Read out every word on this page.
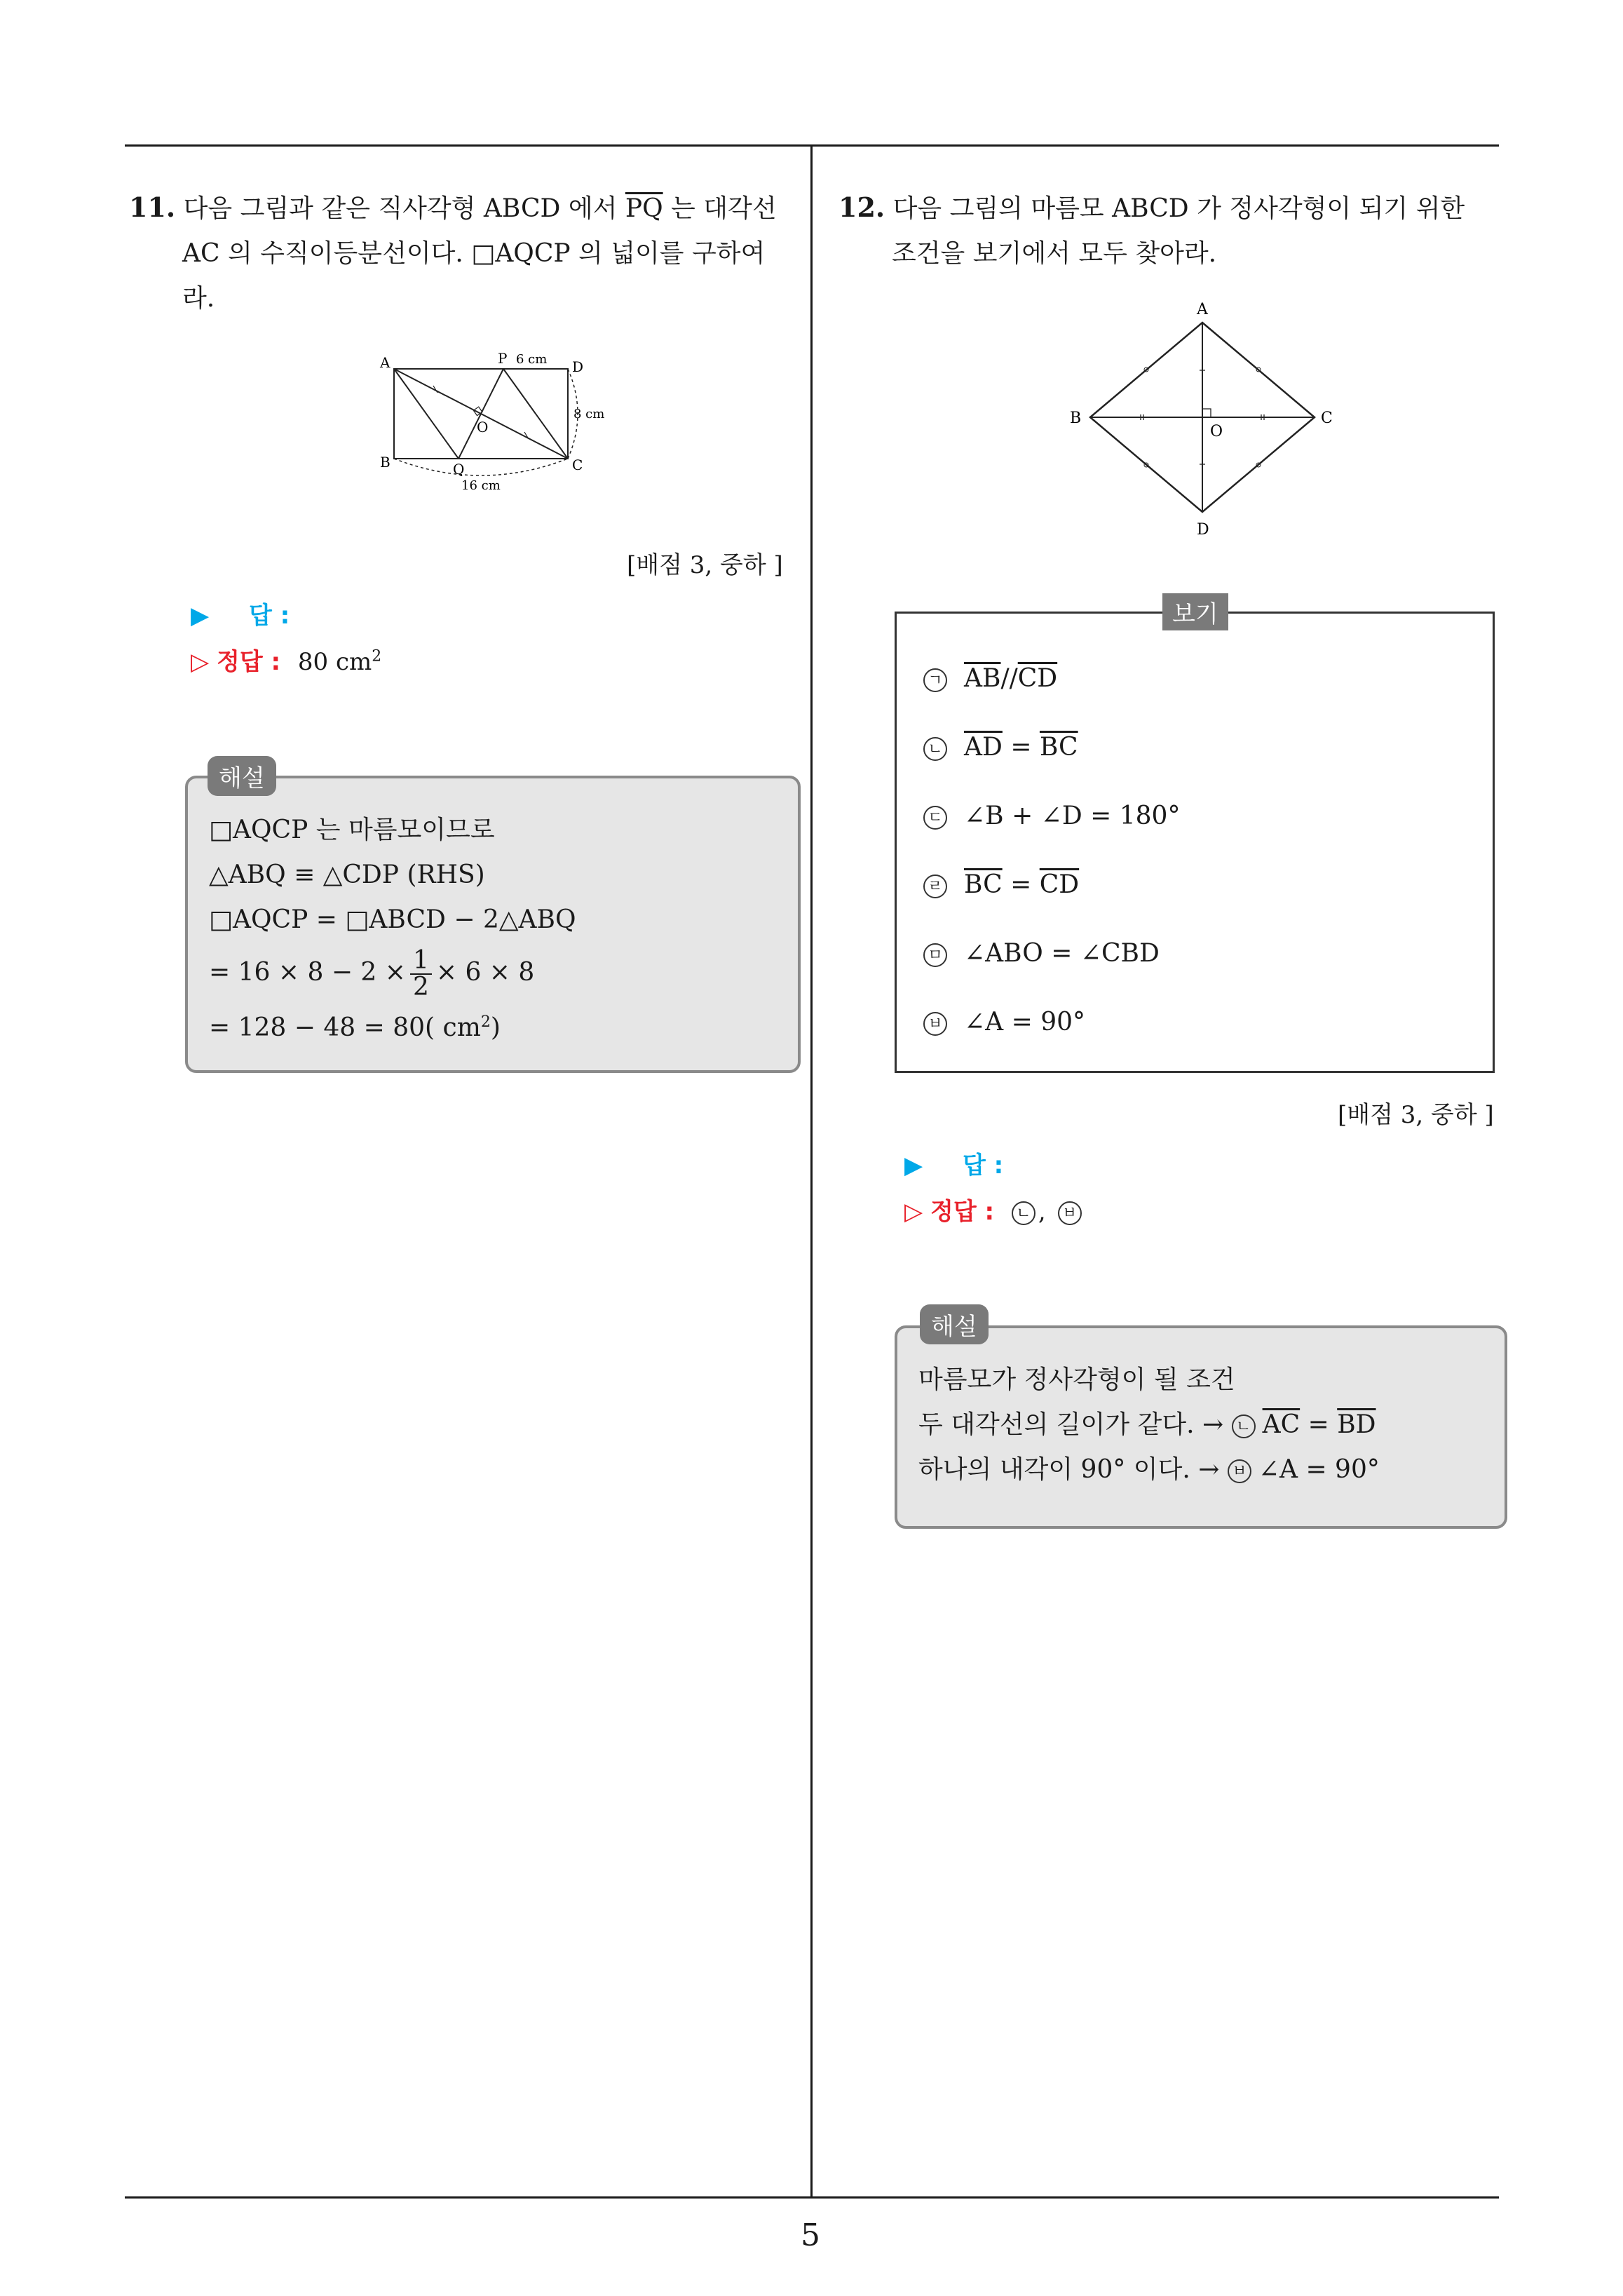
5
11. 다음 그림과 같은 직사각형 ABCD 에서 $\overline{PQ}$ 는 대각선
AC 의 수직이등분선이다. □AQCP 의 넓이를 구하여
라.
A
B	C
D
P
Q
O
6 cm
8 cm
16 cm
[배점 3, 중하 ]
▶ 답 :
▷ 정답 : 80 $cm^2$
□AQCP 는 마름모이므로
△ABQ ≡ △CDP (RHS)
□AQCP = □ABCD − 2△ABQ
= $16 \times 8 - 2 \times \frac{1}{2} \times 6 \times 8$
= 128 − 48 = 80( $cm^2$)
해설
12. 다음 그림의 마름모 ABCD 가 정사각형이 되기 위한
조건을 보기에서 모두 찾아라.
A
B	C
D
O
ㄱ $\overline{AB}//\overline{CD}$
ㄴ $\overline{AD} = \overline{BC}$
ㄷ ∠B + ∠D = 180°
ㄹ $\overline{BC} = \overline{CD}$
ㅁ ∠ABO = ∠CBD
ㅂ ∠A = 90°
보기
[배점 3, 중하 ]
▶ 답 :
▷ 정답 : ㄴ , ㅂ
마름모가 정사각형이 될 조건
두 대각선의 길이가 같다. → ㄴ $\overline{AC} = \overline{BD}$
하나의 내각이 90° 이다. → ㅂ ∠A = 90°
해설
